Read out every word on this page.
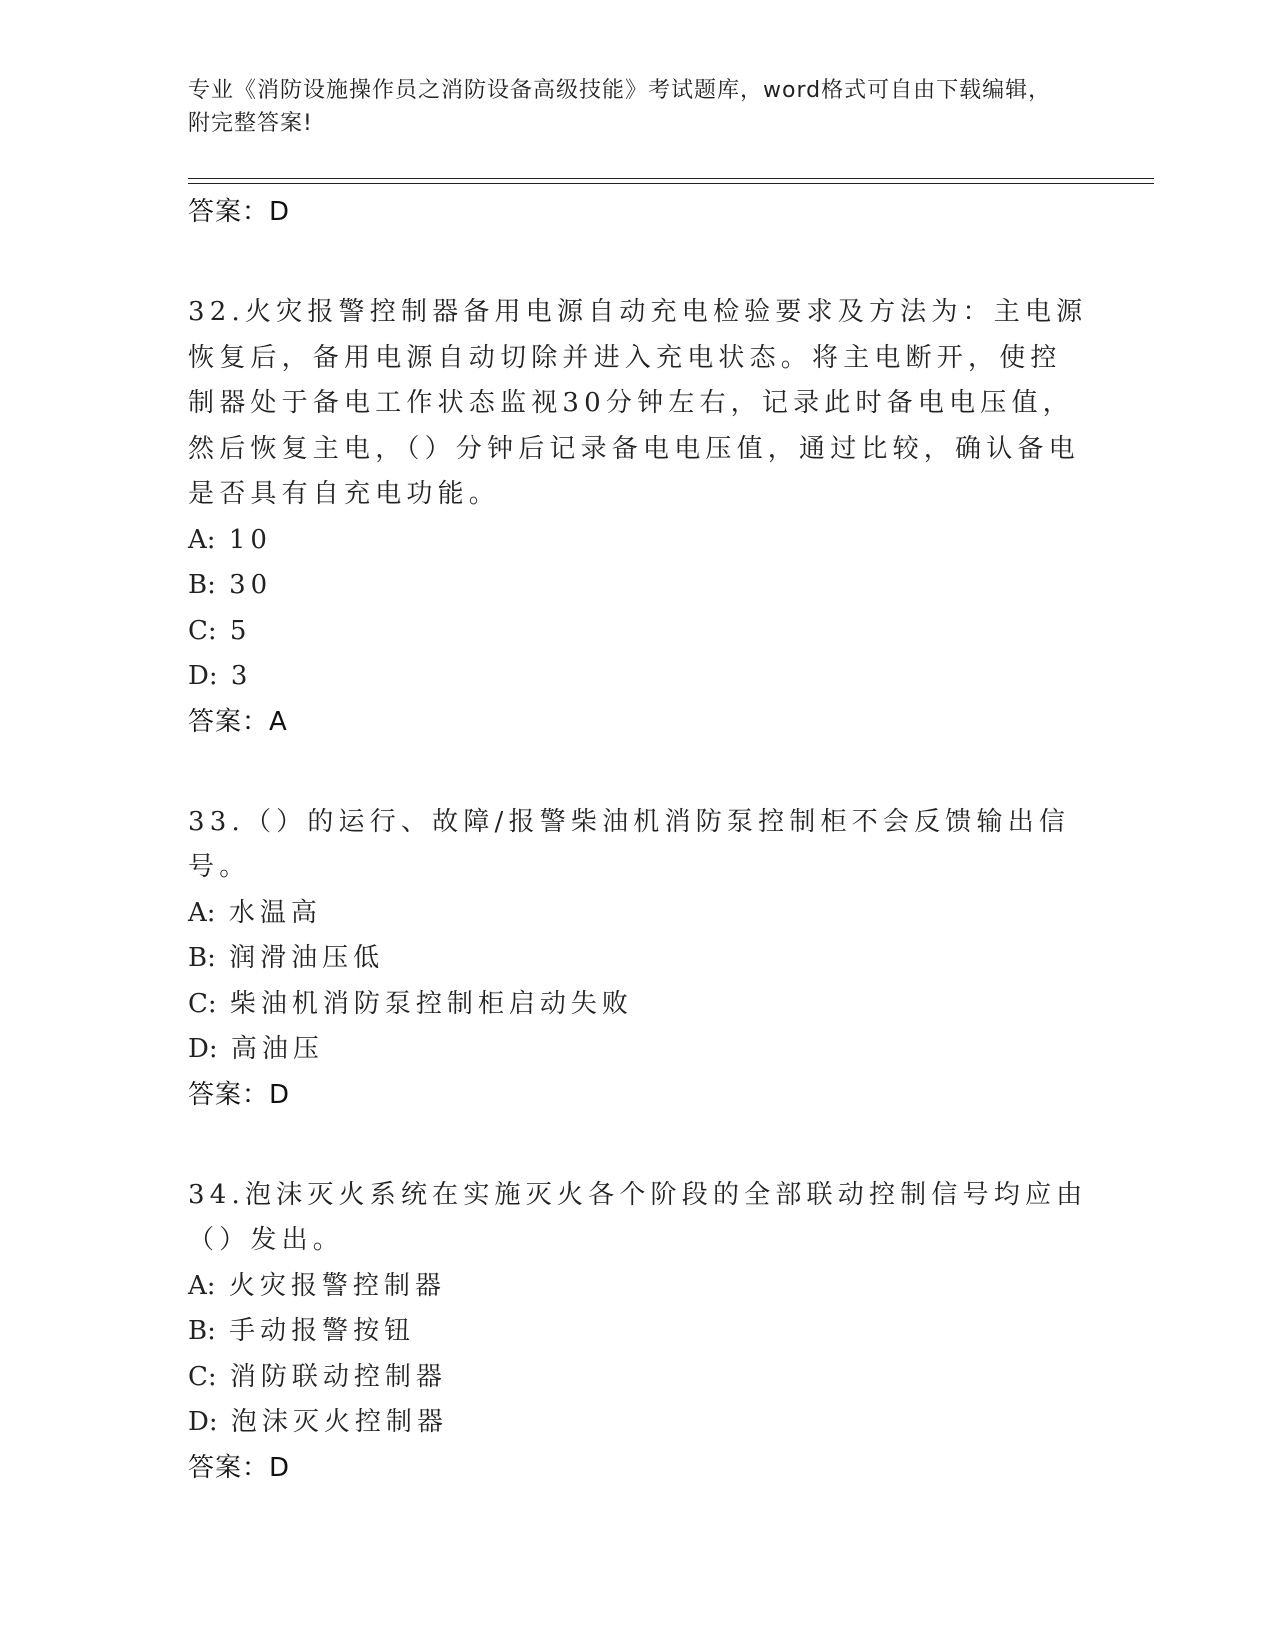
专业《消防设施操作员之消防设备高级技能》考试题库，word格式可自由下载编辑，附完整答案!
答案：D

32.火灾报警控制器备用电源自动充电检验要求及方法为：主电源恢复后，备用电源自动切除并进入充电状态。将主电断开，使控制器处于备电工作状态监视30分钟左右，记录此时备电电压值，然后恢复主电，（）分钟后记录备电电压值，通过比较，确认备电是否具有自充电功能。

A: 10
B: 30
C: 5
D: 3
答案：A

33.（）的运行、故障/报警柴油机消防泵控制柜不会反馈输出信号。

A: 水温高
B: 润滑油压低
C: 柴油机消防泵控制柜启动失败
D: 高油压
答案：D

34.泡沫灭火系统在实施灭火各个阶段的全部联动控制信号均应由（）发出。

A: 火灾报警控制器
B: 手动报警按钮
C: 消防联动控制器
D: 泡沫灭火控制器
答案：D
